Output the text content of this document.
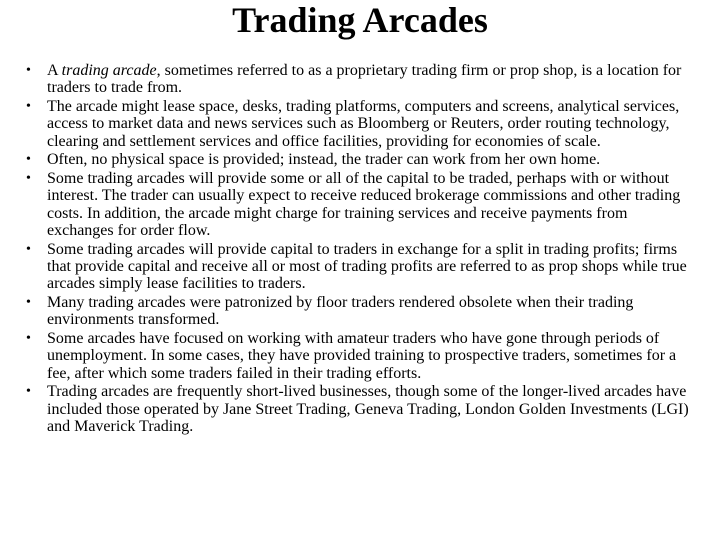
Trading Arcades
•	A trading arcade, sometimes referred to as a proprietary trading firm or prop shop, is a location for traders to trade from.
•	The arcade might lease space, desks, trading platforms, computers and screens, analytical services, access to market data and news services such as Bloomberg or Reuters, order routing technology, clearing and settlement services and office facilities, providing for economies of scale.
•	Often, no physical space is provided; instead, the trader can work from her own home.
•	Some trading arcades will provide some or all of the capital to be traded, perhaps with or without interest. The trader can usually expect to receive reduced brokerage commissions and other trading costs. In addition, the arcade might charge for training services and receive payments from exchanges for order flow.
•	Some trading arcades will provide capital to traders in exchange for a split in trading profits; firms that provide capital and receive all or most of trading profits are referred to as prop shops while true arcades simply lease facilities to traders.
•	Many trading arcades were patronized by floor traders rendered obsolete when their trading environments transformed.
•	Some arcades have focused on working with amateur traders who have gone through periods of unemployment. In some cases, they have provided training to prospective traders, sometimes for a fee, after which some traders failed in their trading efforts.
•	Trading arcades are frequently short-lived businesses, though some of the longer-lived arcades have included those operated by Jane Street Trading, Geneva Trading, London Golden Investments (LGI) and Maverick Trading.
